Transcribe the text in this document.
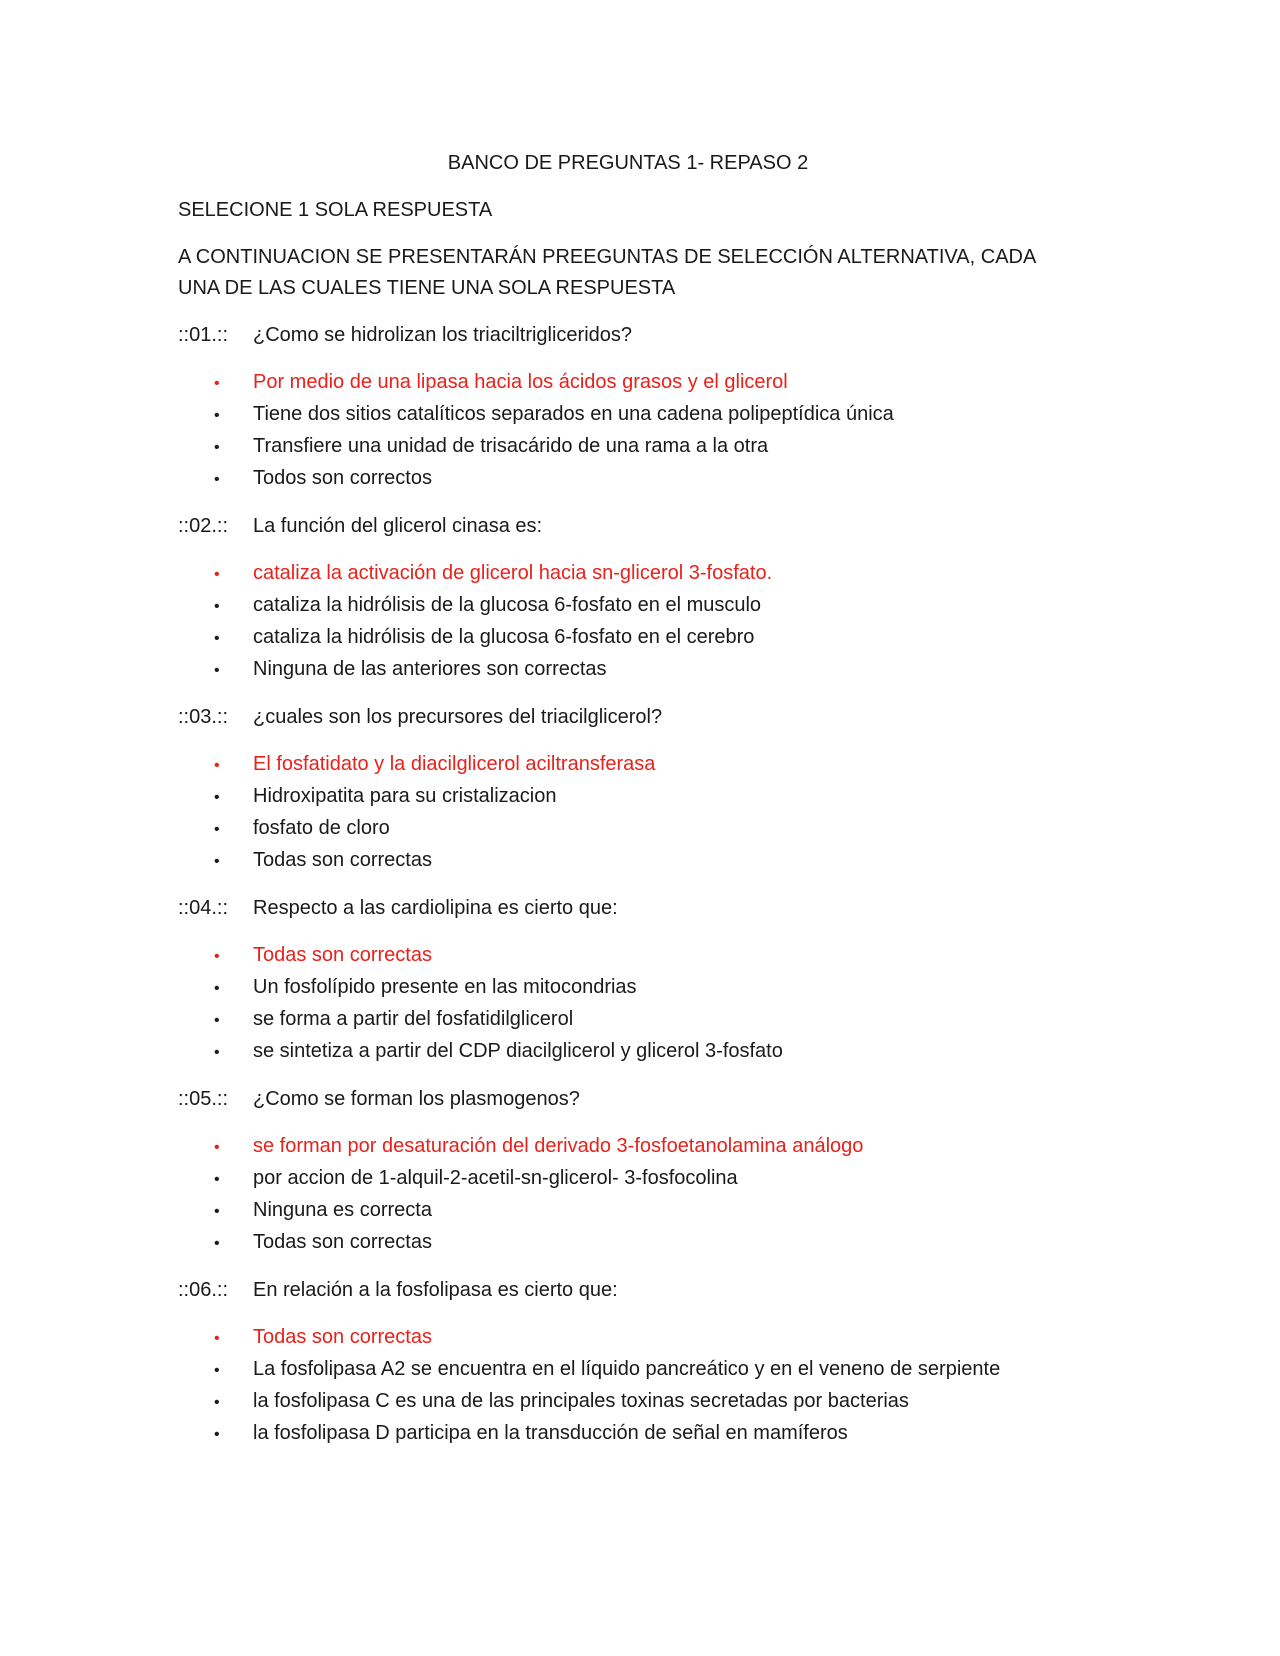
BANCO DE PREGUNTAS 1- REPASO 2
SELECIONE 1 SOLA RESPUESTA
A CONTINUACION SE PRESENTARÁN PREEGUNTAS DE SELECCIÓN ALTERNATIVA, CADA UNA DE LAS CUALES TIENE UNA SOLA RESPUESTA
::01.::	¿Como se hidrolizan los triaciltrigliceridos?
•	Por medio de una lipasa hacia los ácidos grasos y el glicerol
•	Tiene dos sitios catalíticos separados en una cadena polipeptídica única
•	Transfiere una unidad de trisacárido de una rama a la otra
•	Todos son correctos
::02.::	La función del glicerol cinasa es:
•	cataliza la activación de glicerol hacia sn-glicerol 3-fosfato.
•	cataliza la hidrólisis de la glucosa 6-fosfato en el musculo
•	cataliza la hidrólisis de la glucosa 6-fosfato en el cerebro
•	Ninguna de las anteriores son correctas
::03.::	¿cuales son los precursores del triacilglicerol?
•	El fosfatidato y la diacilglicerol aciltransferasa
•	Hidroxipatita para su cristalizacion
•	fosfato de cloro
•	Todas son correctas
::04.::	Respecto a las cardiolipina es cierto que:
•	Todas son correctas
•	Un fosfolípido presente en las mitocondrias
•	se forma a partir del fosfatidilglicerol
•	se sintetiza a partir del CDP diacilglicerol y glicerol 3-fosfato
::05.::	¿Como se forman los plasmogenos?
•	se forman por desaturación del derivado 3-fosfoetanolamina análogo
•	por accion de 1-alquil-2-acetil-sn-glicerol- 3-fosfocolina
•	Ninguna es correcta
•	Todas son correctas
::06.::	En relación a la fosfolipasa es cierto que:
•	Todas son correctas
•	La fosfolipasa A2 se encuentra en el líquido pancreático y en el veneno de serpiente
•	la fosfolipasa C es una de las principales toxinas secretadas por bacterias
•	la fosfolipasa D participa en la transducción de señal en mamíferos
